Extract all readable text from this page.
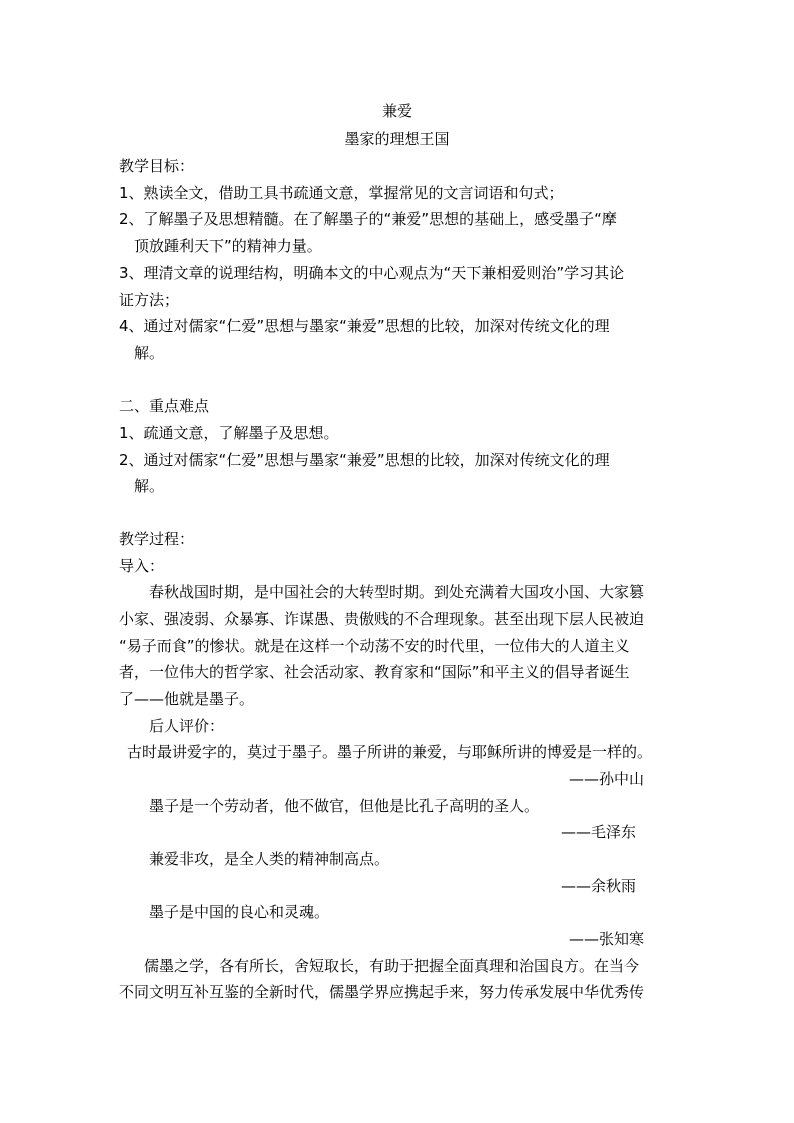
兼爱
墨家的理想王国
教学目标：
1、熟读全文，借助工具书疏通文意，掌握常见的文言词语和句式；
2、了解墨子及思想精髓。在了解墨子的“兼爱”思想的基础上，感受墨子“摩
顶放踵利天下”的精神力量。
3、理清文章的说理结构，明确本文的中心观点为“天下兼相爱则治”学习其论
证方法；
4、通过对儒家“仁爱”思想与墨家“兼爱”思想的比较，加深对传统文化的理
解。
二、重点难点
1、疏通文意，了解墨子及思想。
2、通过对儒家“仁爱”思想与墨家“兼爱”思想的比较，加深对传统文化的理
解。
教学过程：
导入：
春秋战国时期，是中国社会的大转型时期。到处充满着大国攻小国、大家篡
小家、强凌弱、众暴寡、诈谋愚、贵傲贱的不合理现象。甚至出现下层人民被迫
“易子而食”的惨状。就是在这样一个动荡不安的时代里，一位伟大的人道主义
者，一位伟大的哲学家、社会活动家、教育家和“国际”和平主义的倡导者诞生
了——他就是墨子。
后人评价：
古时最讲爱字的，莫过于墨子。墨子所讲的兼爱，与耶稣所讲的博爱是一样的。
——孙中山
墨子是一个劳动者，他不做官，但他是比孔子高明的圣人。
——毛泽东
兼爱非攻，是全人类的精神制高点。
——余秋雨
墨子是中国的良心和灵魂。
——张知寒
儒墨之学，各有所长，舍短取长，有助于把握全面真理和治国良方。在当今
不同文明互补互鉴的全新时代，儒墨学界应携起手来，努力传承发展中华优秀传
